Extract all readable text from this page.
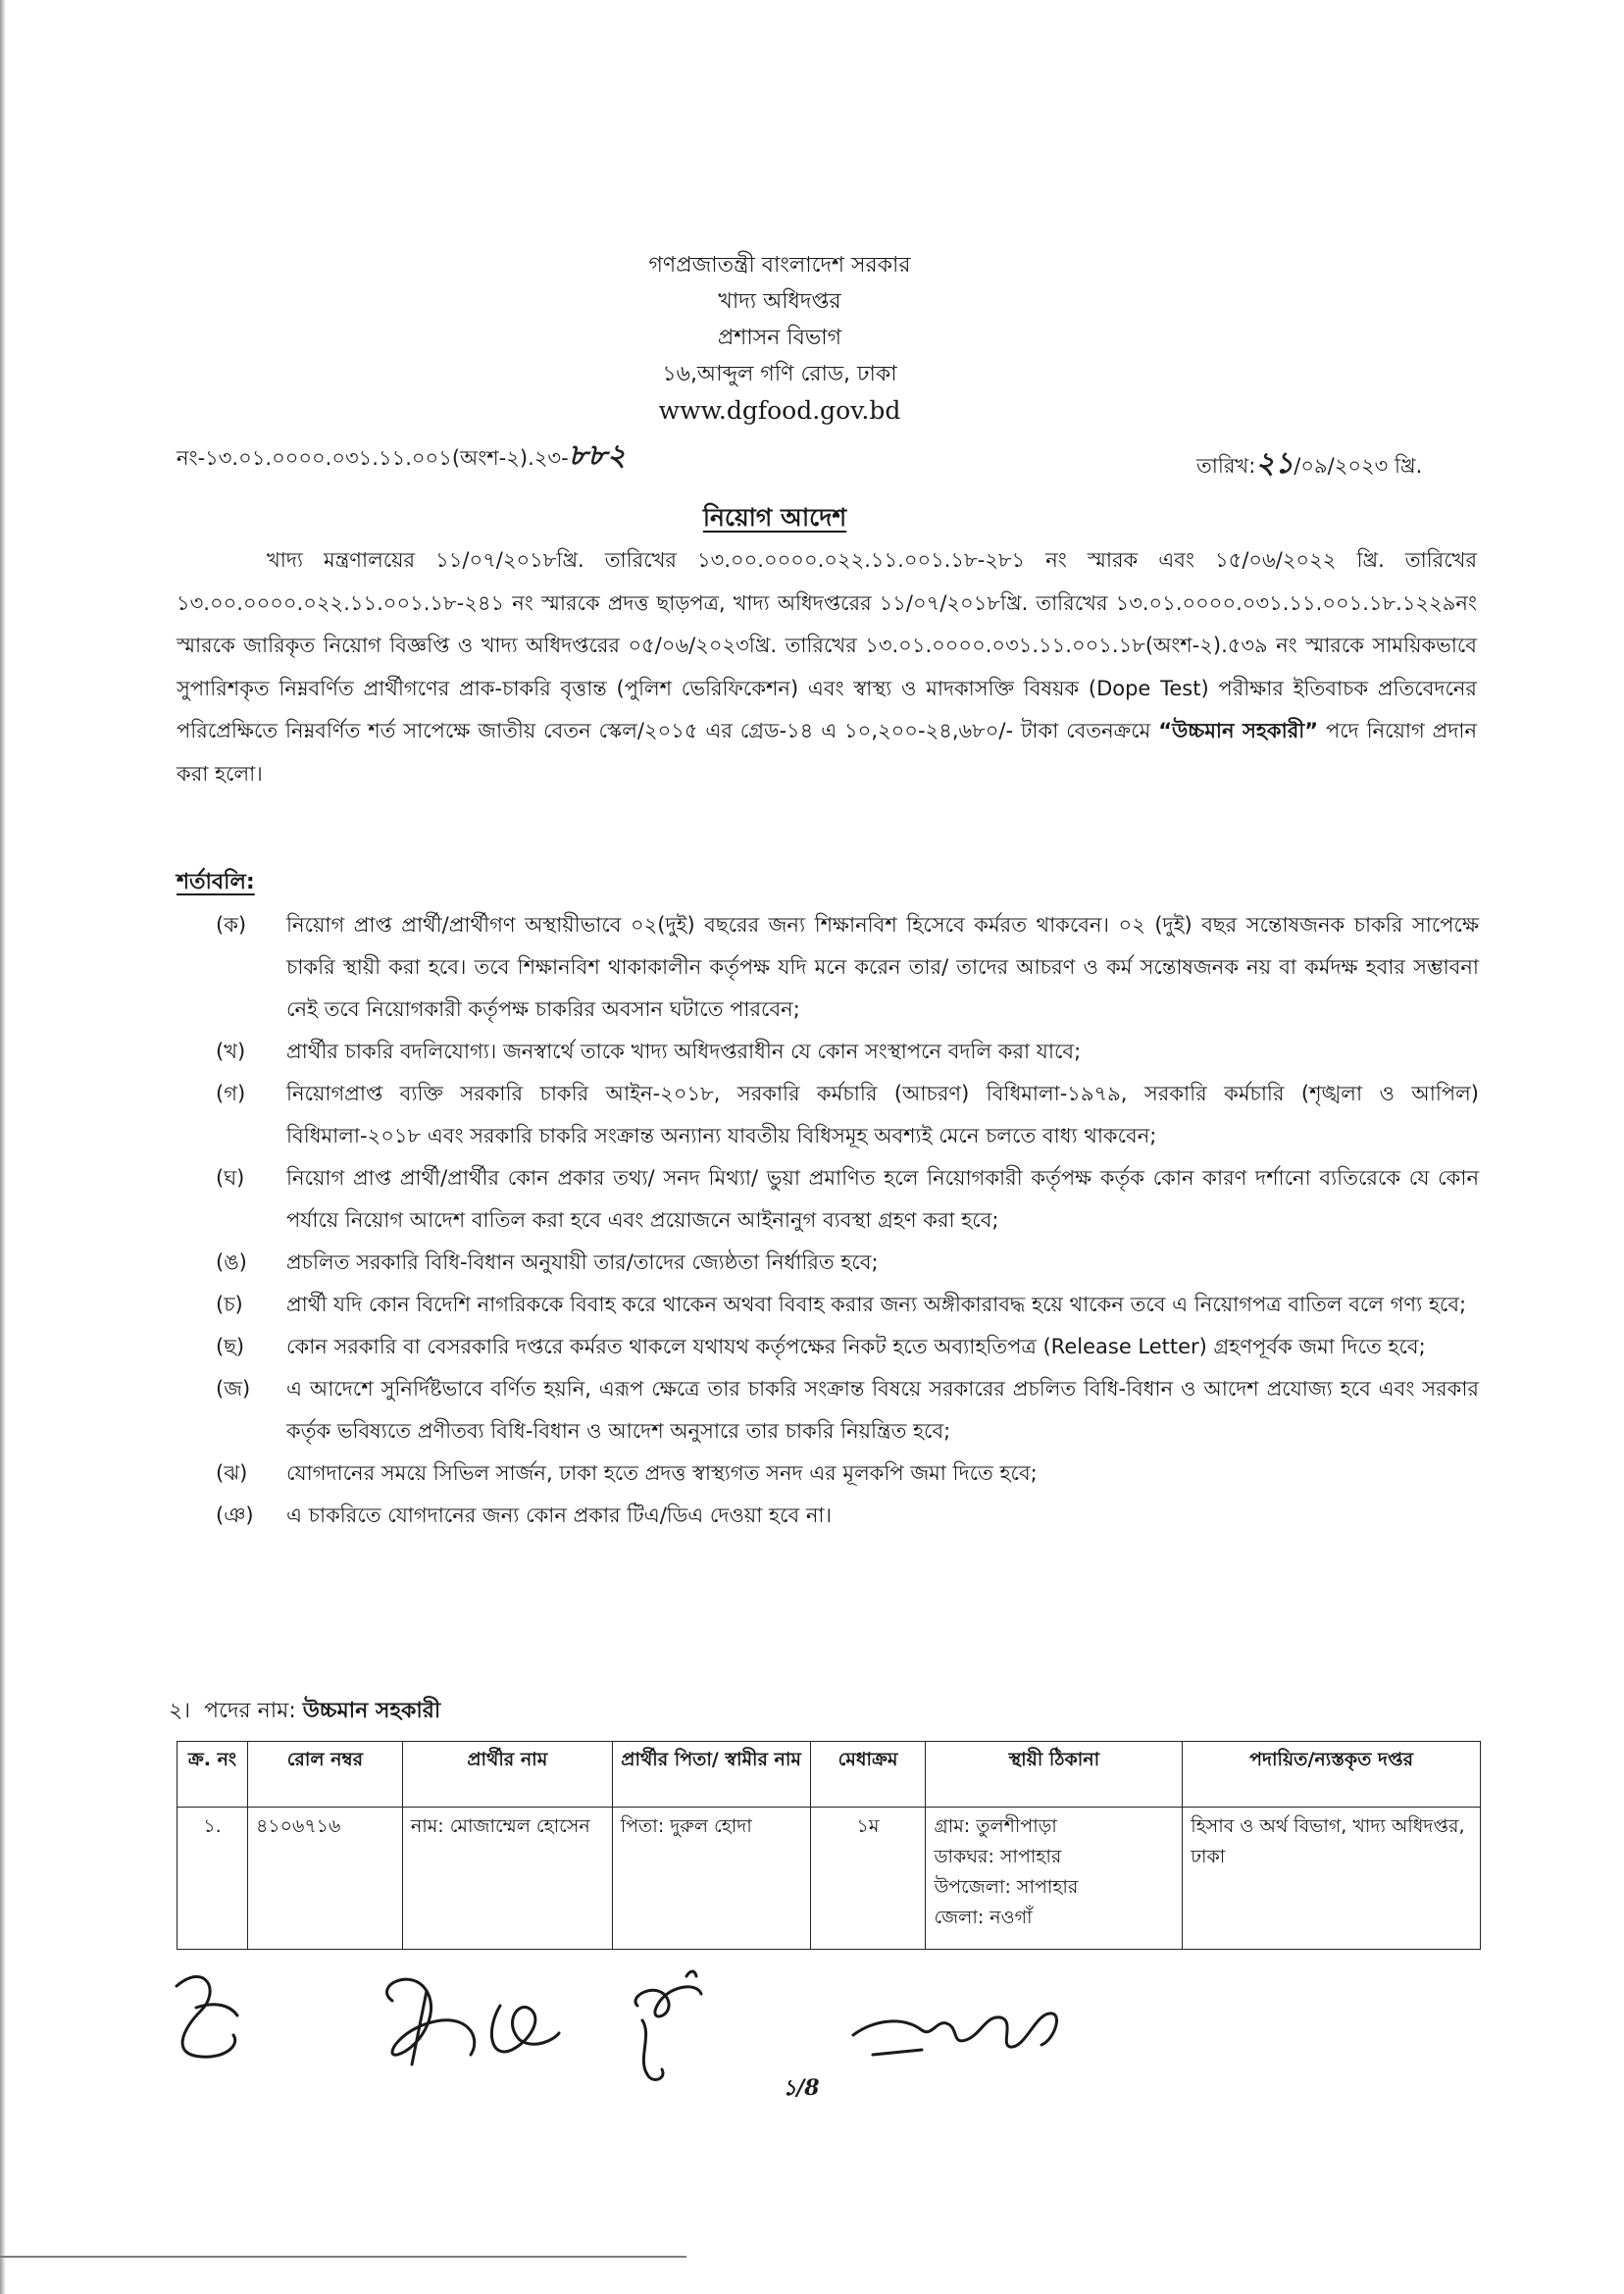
গণপ্রজাতন্ত্রী বাংলাদেশ সরকার
খাদ্য অধিদপ্তর
প্রশাসন বিভাগ
১৬,আব্দুল গণি রোড, ঢাকা
www.dgfood.gov.bd
নং-১৩.০১.০০০০.০৩১.১১.০০১(অংশ-২).২৩-৮৮২	তারিখ:২১/০৯/২০২৩ খ্রি.
নিয়োগ আদেশ

খাদ্য মন্ত্রণালয়ের ১১/০৭/২০১৮খ্রি. তারিখের ১৩.০০.০০০০.০২২.১১.০০১.১৮-২৮১ নং স্মারক এবং ১৫/০৬/২০২২ খ্রি. তারিখের ১৩.০০.০০০০.০২২.১১.০০১.১৮-২৪১ নং স্মারকে প্রদত্ত ছাড়পত্র, খাদ্য অধিদপ্তরের ১১/০৭/২০১৮খ্রি. তারিখের ১৩.০১.০০০০.০৩১.১১.০০১.১৮.১২২৯নং স্মারকে জারিকৃত নিয়োগ বিজ্ঞপ্তি ও খাদ্য অধিদপ্তরের ০৫/০৬/২০২৩খ্রি. তারিখের ১৩.০১.০০০০.০৩১.১১.০০১.১৮(অংশ-২).৫৩৯ নং স্মারকে সাময়িকভাবে সুপারিশকৃত নিম্নবর্ণিত প্রার্থীগণের প্রাক-চাকরি বৃত্তান্ত (পুলিশ ভেরিফিকেশন) এবং স্বাস্থ্য ও মাদকাসক্তি বিষয়ক (Dope Test) পরীক্ষার ইতিবাচক প্রতিবেদনের পরিপ্রেক্ষিতে নিম্নবর্ণিত শর্ত সাপেক্ষে জাতীয় বেতন স্কেল/২০১৫ এর গ্রেড-১৪ এ ১০,২০০-২৪,৬৮০/- টাকা বেতনক্রমে “উচ্চমান সহকারী” পদে নিয়োগ প্রদান করা হলো।

শর্তাবলি:

(ক) নিয়োগ প্রাপ্ত প্রার্থী/প্রার্থীগণ অস্থায়ীভাবে ০২(দুই) বছরের জন্য শিক্ষানবিশ হিসেবে কর্মরত থাকবেন। ০২ (দুই) বছর সন্তোষজনক চাকরি সাপেক্ষে চাকরি স্থায়ী করা হবে। তবে শিক্ষানবিশ থাকাকালীন কর্তৃপক্ষ যদি মনে করেন তার/ তাদের আচরণ ও কর্ম সন্তোষজনক নয় বা কর্মদক্ষ হবার সম্ভাবনা নেই তবে নিয়োগকারী কর্তৃপক্ষ চাকরির অবসান ঘটাতে পারবেন;

(খ) প্রার্থীর চাকরি বদলিযোগ্য। জনস্বার্থে তাকে খাদ্য অধিদপ্তরাধীন যে কোন সংস্থাপনে বদলি করা যাবে;

(গ) নিয়োগপ্রাপ্ত ব্যক্তি সরকারি চাকরি আইন-২০১৮, সরকারি কর্মচারি (আচরণ) বিধিমালা-১৯৭৯, সরকারি কর্মচারি (শৃঙ্খলা ও আপিল) বিধিমালা-২০১৮ এবং সরকারি চাকরি সংক্রান্ত অন্যান্য যাবতীয় বিধিসমূহ অবশ্যই মেনে চলতে বাধ্য থাকবেন;

(ঘ) নিয়োগ প্রাপ্ত প্রার্থী/প্রার্থীর কোন প্রকার তথ্য/ সনদ মিথ্যা/ ভুয়া প্রমাণিত হলে নিয়োগকারী কর্তৃপক্ষ কর্তৃক কোন কারণ দর্শানো ব্যতিরেকে যে কোন পর্যায়ে নিয়োগ আদেশ বাতিল করা হবে এবং প্রয়োজনে আইনানুগ ব্যবস্থা গ্রহণ করা হবে;

(ঙ) প্রচলিত সরকারি বিধি-বিধান অনুযায়ী তার/তাদের জ্যেষ্ঠতা নির্ধারিত হবে;

(চ) প্রার্থী যদি কোন বিদেশি নাগরিককে বিবাহ করে থাকেন অথবা বিবাহ করার জন্য অঙ্গীকারাবদ্ধ হয়ে থাকেন তবে এ নিয়োগপত্র বাতিল বলে গণ্য হবে;

(ছ) কোন সরকারি বা বেসরকারি দপ্তরে কর্মরত থাকলে যথাযথ কর্তৃপক্ষের নিকট হতে অব্যাহতিপত্র (Release Letter) গ্রহণপূর্বক জমা দিতে হবে;

(জ) এ আদেশে সুনির্দিষ্টভাবে বর্ণিত হয়নি, এরূপ ক্ষেত্রে তার চাকরি সংক্রান্ত বিষয়ে সরকারের প্রচলিত বিধি-বিধান ও আদেশ প্রযোজ্য হবে এবং সরকার কর্তৃক ভবিষ্যতে প্রণীতব্য বিধি-বিধান ও আদেশ অনুসারে তার চাকরি নিয়ন্ত্রিত হবে;

(ঝ) যোগদানের সময়ে সিভিল সার্জন, ঢাকা হতে প্রদত্ত স্বাস্থ্যগত সনদ এর মূলকপি জমা দিতে হবে;

(ঞ) এ চাকরিতে যোগদানের জন্য কোন প্রকার টিএ/ডিএ দেওয়া হবে না।

২। পদের নাম: উচ্চমান সহকারী
ক্র. নং	রোল নম্বর	প্রার্থীর নাম	প্রার্থীর পিতা/ স্বামীর নাম	মেধাক্রম	স্থায়ী ঠিকানা	পদায়িত/ন্যস্তকৃত দপ্তর
১.	৪১০৬৭১৬	নাম: মোজাম্মেল হোসেন	পিতা: দুরুল হোদা	১ম	গ্রাম: তুলশীপাড়া
ডাকঘর: সাপাহার
উপজেলা: সাপাহার
জেলা: নওগাঁ	হিসাব ও অর্থ বিভাগ, খাদ্য অধিদপ্তর, ঢাকা
১/8
